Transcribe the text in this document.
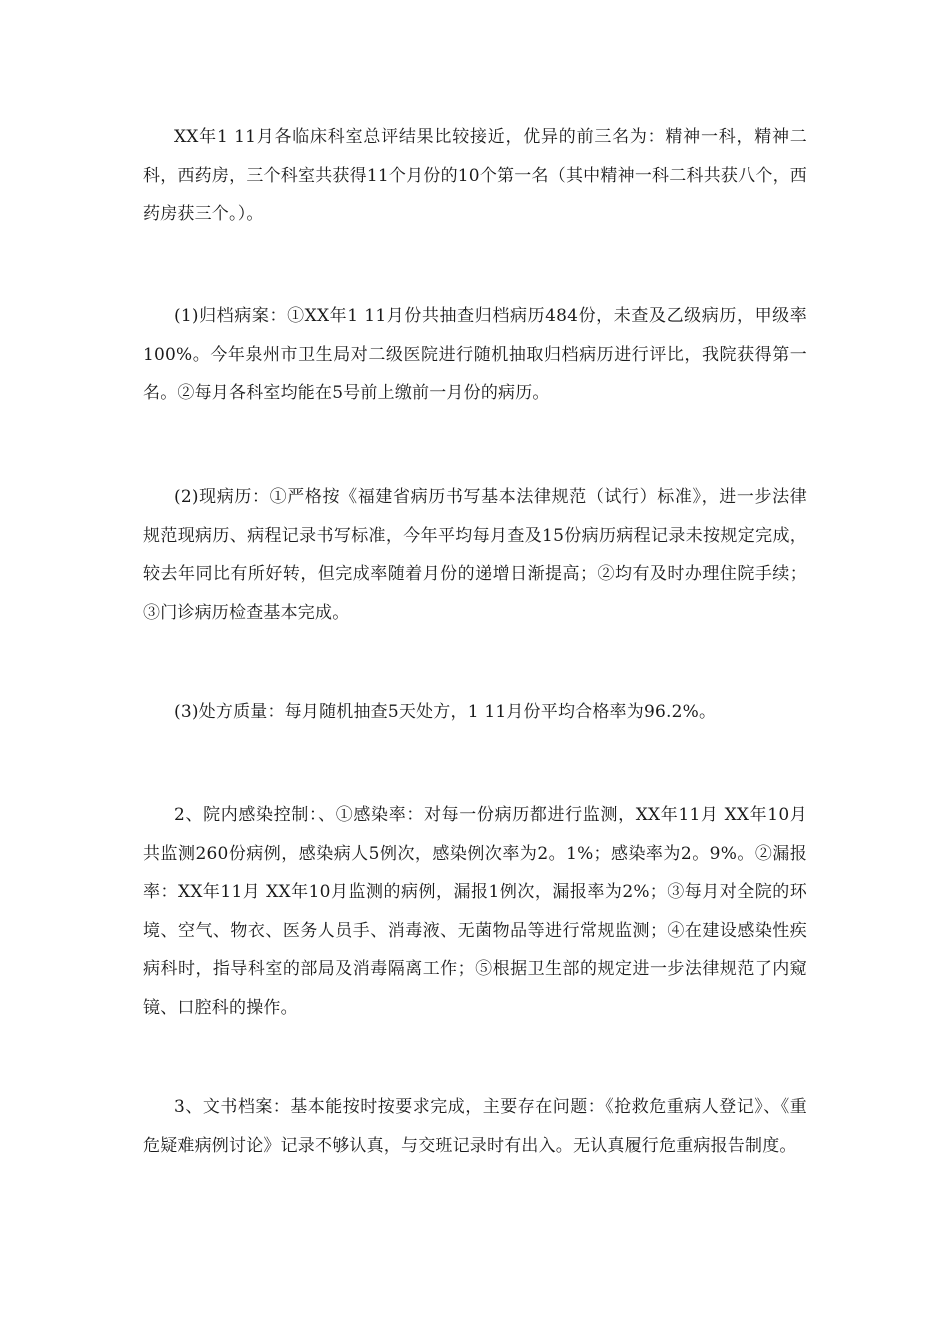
XX年1 11月各临床科室总评结果比较接近，优异的前三名为：精神一科，精神二科，西药房，三个科室共获得11个月份的10个第一名（其中精神一科二科共获八个，西药房获三个。）。

(1)归档病案：①XX年1 11月份共抽查归档病历484份，未查及乙级病历，甲级率100%。今年泉州市卫生局对二级医院进行随机抽取归档病历进行评比，我院获得第一名。②每月各科室均能在5号前上缴前一月份的病历。

(2)现病历：①严格按《福建省病历书写基本法律规范（试行）标准》，进一步法律规范现病历、病程记录书写标准，今年平均每月查及15份病历病程记录未按规定完成，较去年同比有所好转，但完成率随着月份的递增日渐提高；②均有及时办理住院手续；③门诊病历检查基本完成。

(3)处方质量：每月随机抽查5天处方，1 11月份平均合格率为96.2%。

2、院内感染控制：、①感染率：对每一份病历都进行监测，XX年11月 XX年10月共监测260份病例，感染病人5例次，感染例次率为2。1%；感染率为2。9%。②漏报率：XX年11月 XX年10月监测的病例，漏报1例次，漏报率为2%；③每月对全院的环境、空气、物衣、医务人员手、消毒液、无菌物品等进行常规监测；④在建设感染性疾病科时，指导科室的部局及消毒隔离工作；⑤根据卫生部的规定进一步法律规范了内窥镜、口腔科的操作。

3、文书档案：基本能按时按要求完成，主要存在问题：《抢救危重病人登记》、《重危疑难病例讨论》记录不够认真，与交班记录时有出入。无认真履行危重病报告制度。
